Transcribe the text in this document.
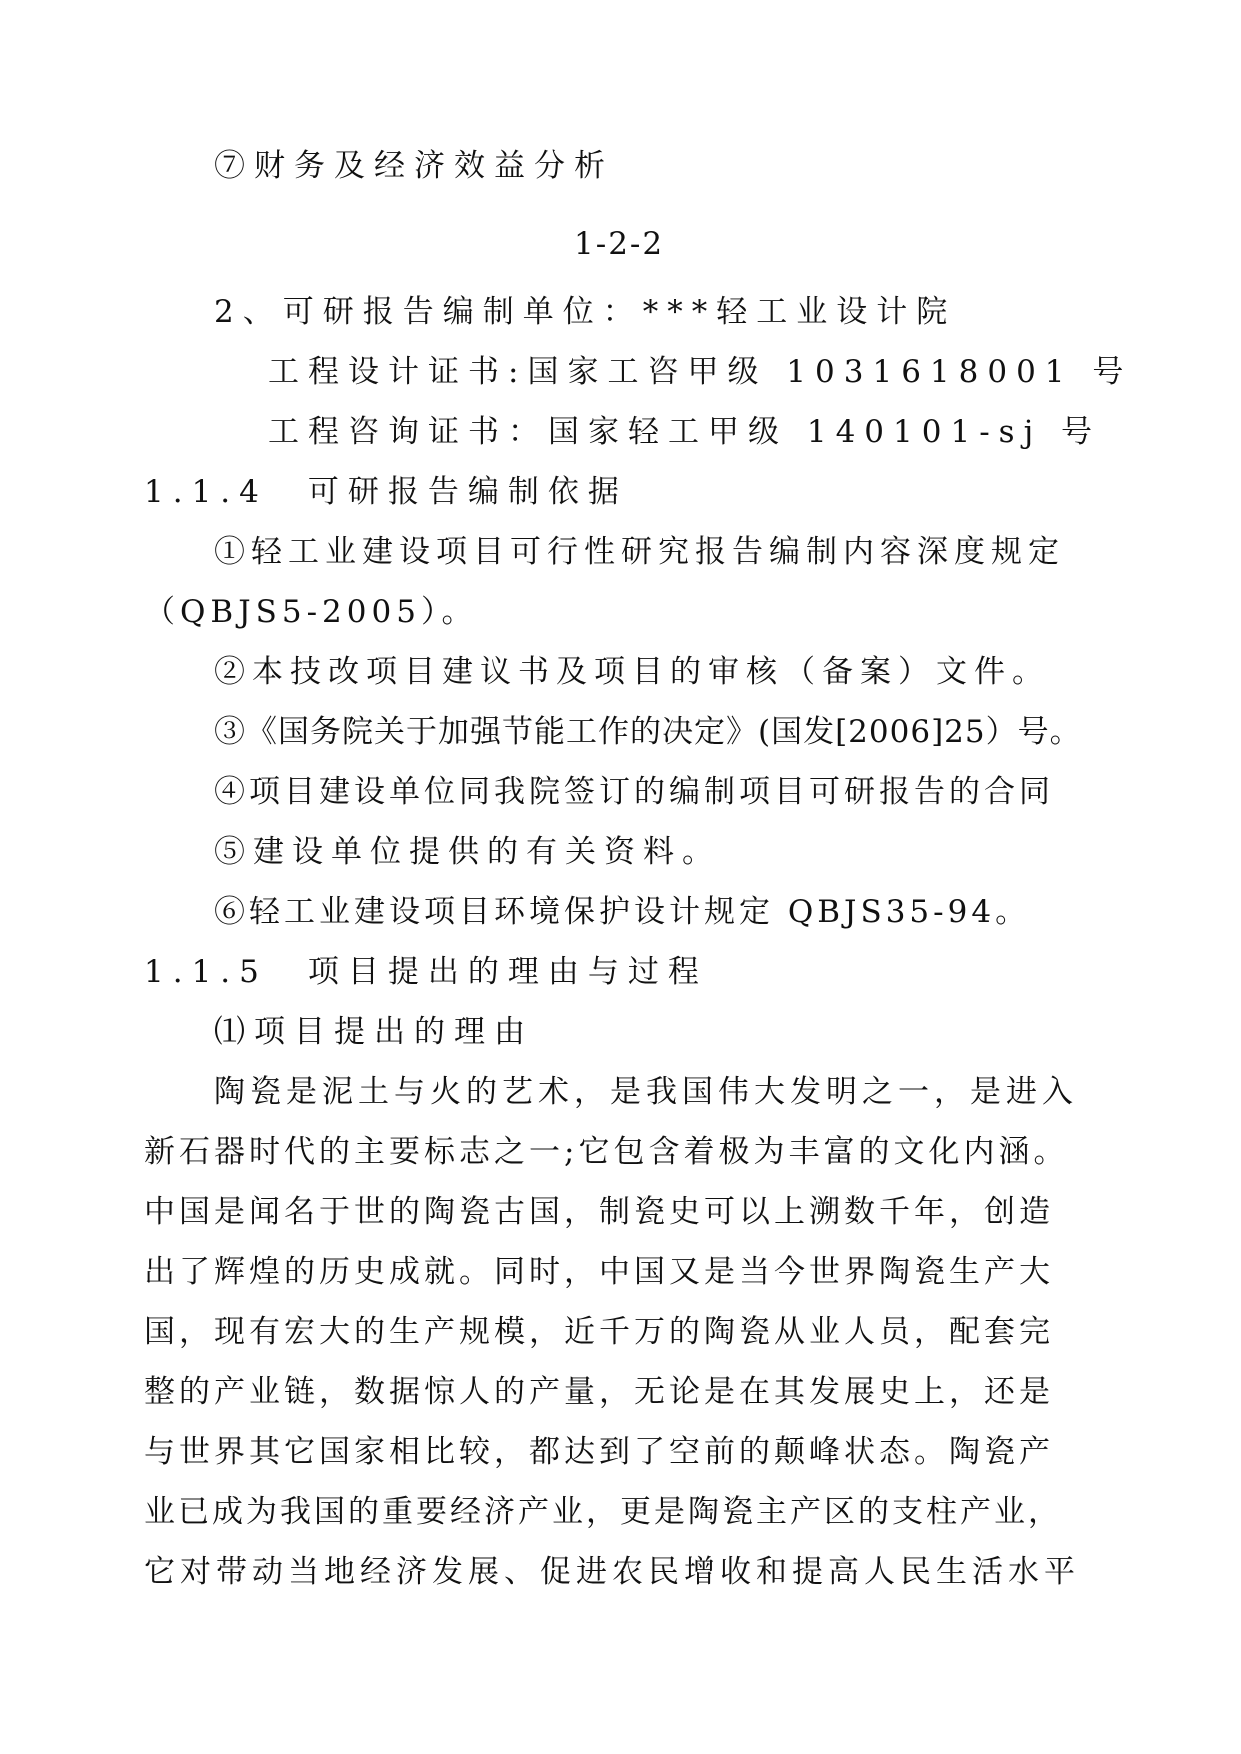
⑦财务及经济效益分析
1-2-2
2、可研报告编制单位：***轻工业设计院
工程设计证书:国家工咨甲级 1031618001 号
工程咨询证书：国家轻工甲级 140101-sj 号
1.1.4　可研报告编制依据
①轻工业建设项目可行性研究报告编制内容深度规定
（QBJS5-2005）。
②本技改项目建议书及项目的审核（备案）文件。
③《国务院关于加强节能工作的决定》(国发[2006]25）号。
④项目建设单位同我院签订的编制项目可研报告的合同
⑤建设单位提供的有关资料。
⑥轻工业建设项目环境保护设计规定 QBJS35-94。
1.1.5　项目提出的理由与过程
⑴项目提出的理由
陶瓷是泥土与火的艺术，是我国伟大发明之一，是进入
新石器时代的主要标志之一;它包含着极为丰富的文化内涵。
中国是闻名于世的陶瓷古国，制瓷史可以上溯数千年，创造
出了辉煌的历史成就。同时，中国又是当今世界陶瓷生产大
国，现有宏大的生产规模，近千万的陶瓷从业人员，配套完
整的产业链，数据惊人的产量，无论是在其发展史上，还是
与世界其它国家相比较，都达到了空前的颠峰状态。陶瓷产
业已成为我国的重要经济产业，更是陶瓷主产区的支柱产业，
它对带动当地经济发展、促进农民增收和提高人民生活水平
